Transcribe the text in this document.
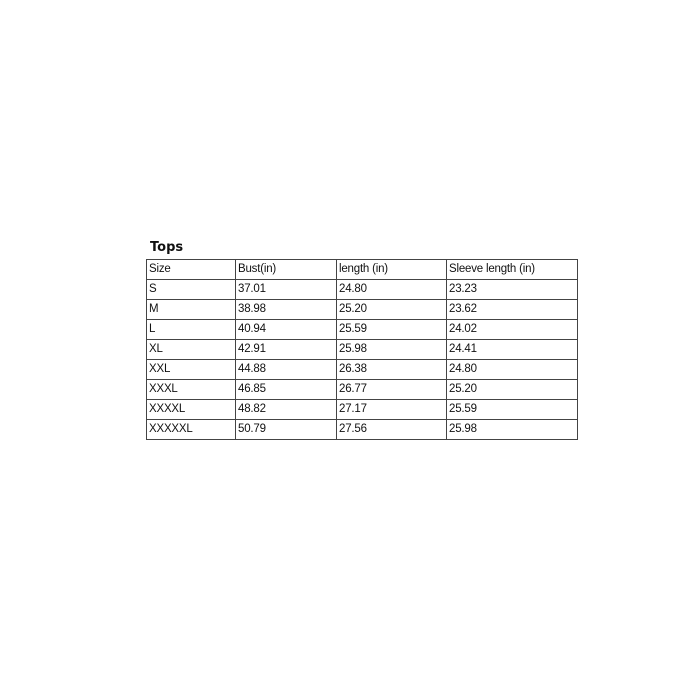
Tops
Size	Bust(in)	length (in)	Sleeve length (in)
S	37.01	24.80	23.23
M	38.98	25.20	23.62
L	40.94	25.59	24.02
XL	42.91	25.98	24.41
XXL	44.88	26.38	24.80
XXXL	46.85	26.77	25.20
XXXXL	48.82	27.17	25.59
XXXXXL	50.79	27.56	25.98
